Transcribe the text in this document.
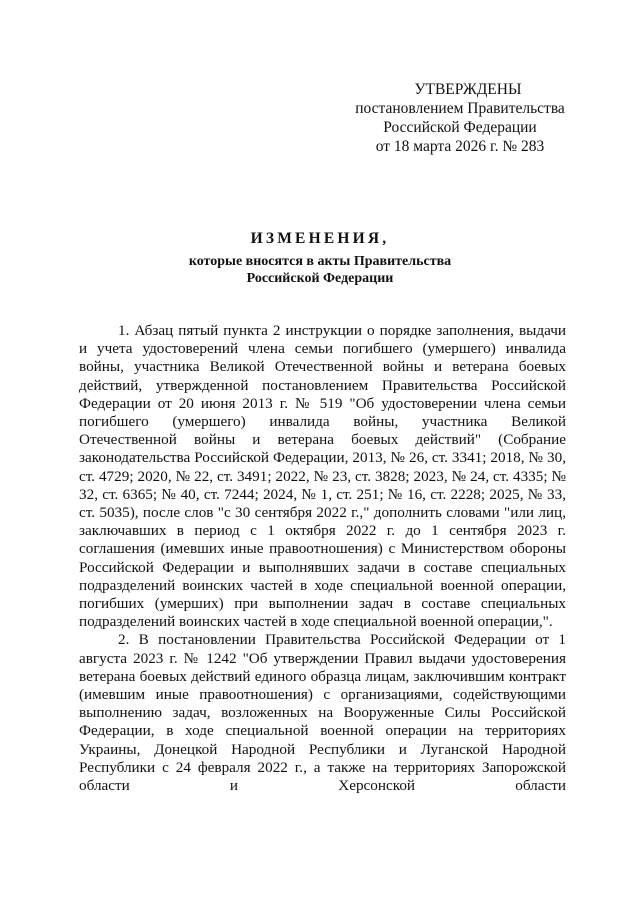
УТВЕРЖДЕНЫ
постановлением Правительства
Российской Федерации
от 18 марта 2026 г. № 283
ИЗМЕНЕНИЯ,
которые вносятся в акты Правительства
Российской Федерации

1. Абзац пятый пункта 2 инструкции о порядке заполнения, выдачи и учета удостоверений члена семьи погибшего (умершего) инвалида войны, участника Великой Отечественной войны и ветерана боевых действий, утвержденной постановлением Правительства Российской Федерации от 20 июня 2013 г. № 519 "Об удостоверении члена семьи погибшего (умершего) инвалида войны, участника Великой Отечественной войны и ветерана боевых действий" (Собрание законодательства Российской Федерации, 2013, № 26, ст. 3341; 2018, № 30, ст. 4729; 2020, № 22, ст. 3491; 2022, № 23, ст. 3828; 2023, № 24, ст. 4335; № 32, ст. 6365; № 40, ст. 7244; 2024, № 1, ст. 251; № 16, ст. 2228; 2025, № 33, ст. 5035), после слов "с 30 сентября 2022 г.," дополнить словами "или лиц, заключавших в период с 1 октября 2022 г. до 1 сентября 2023 г. соглашения (имевших иные правоотношения) с Министерством обороны Российской Федерации и выполнявших задачи в составе специальных подразделений воинских частей в ходе специальной военной операции, погибших (умерших) при выполнении задач в составе специальных подразделений воинских частей в ходе специальной военной операции,".

2. В постановлении Правительства Российской Федерации от 1 августа 2023 г. № 1242 "Об утверждении Правил выдачи удостоверения ветерана боевых действий единого образца лицам, заключившим контракт (имевшим иные правоотношения) с организациями, содействующими выполнению задач, возложенных на Вооруженные Силы Российской Федерации, в ходе специальной военной операции на территориях Украины, Донецкой Народной Республики и Луганской Народной Республики с 24 февраля 2022 г., а также на территориях Запорожской области и Херсонской области
